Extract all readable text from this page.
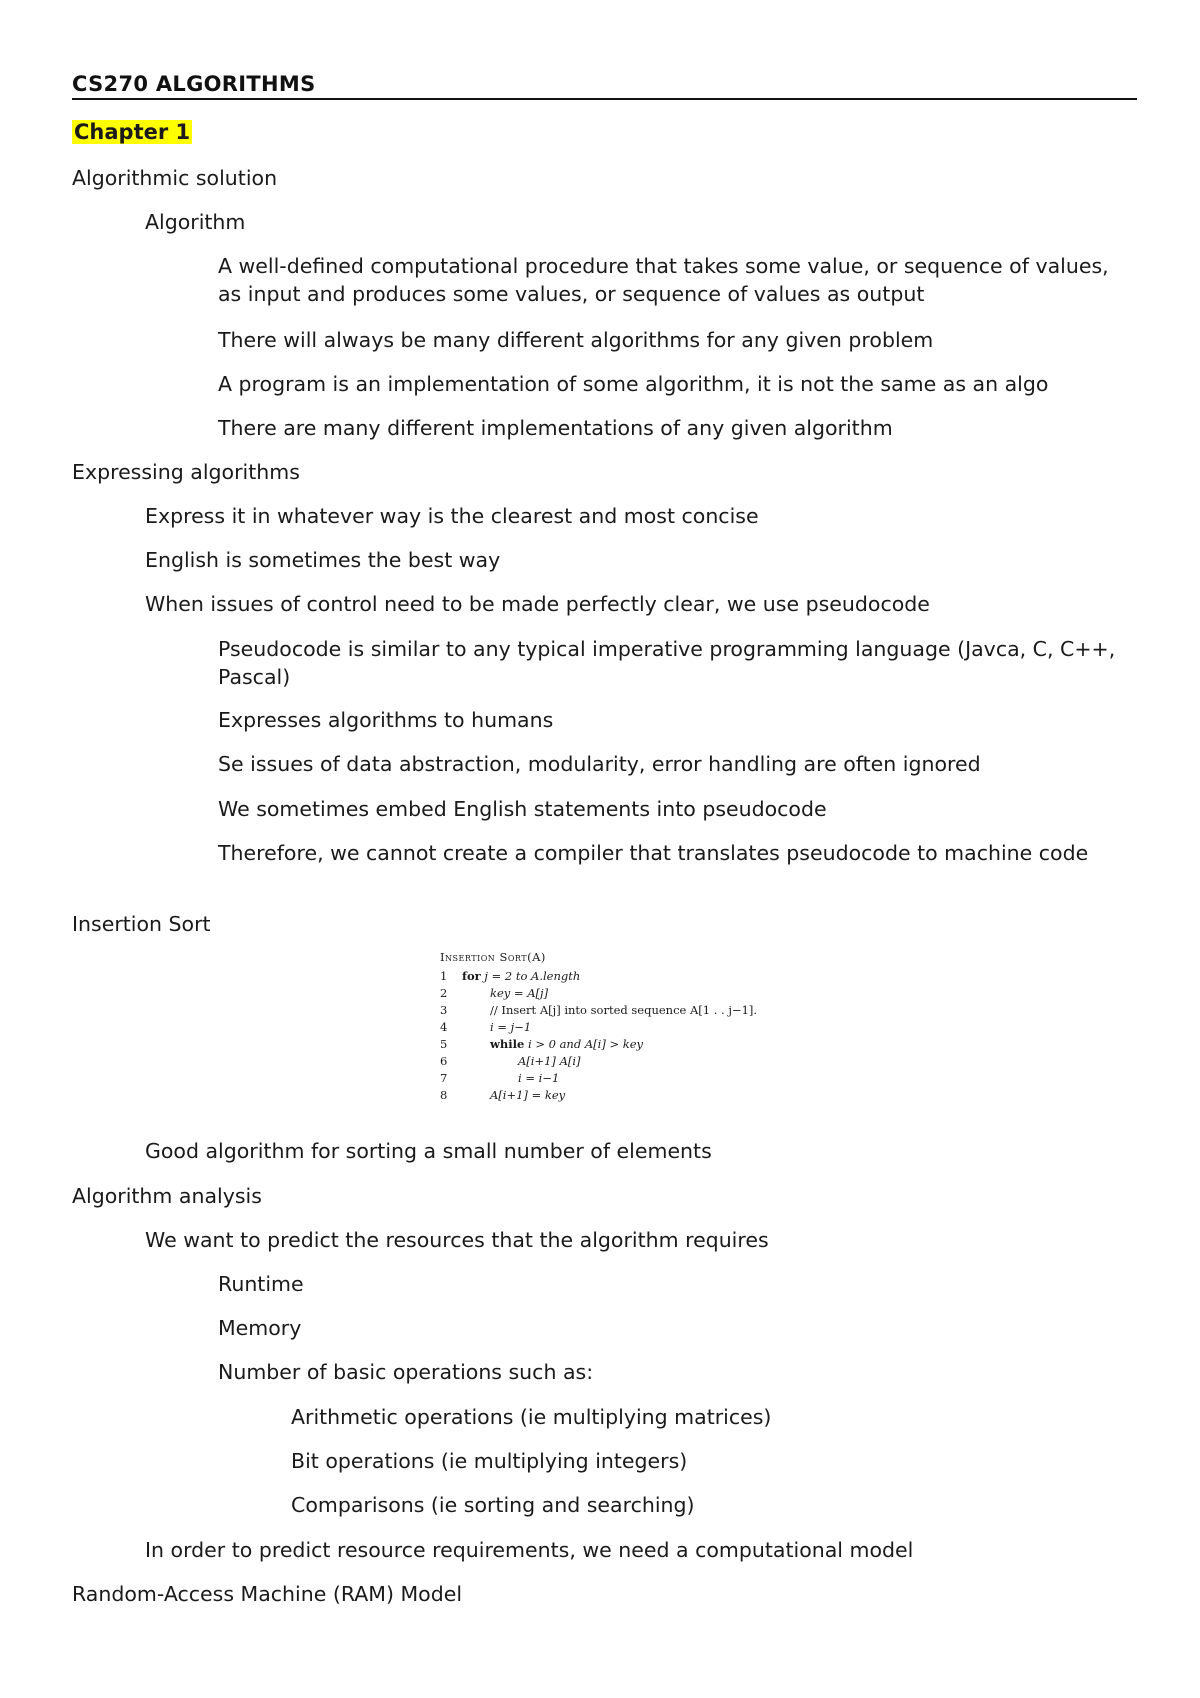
CS270 ALGORITHMS
Chapter 1
Algorithmic solution
Algorithm
A well-defined computational procedure that takes some value, or sequence of values, as input and produces some values, or sequence of values as output
There will always be many different algorithms for any given problem
A program is an implementation of some algorithm, it is not the same as an algo
There are many different implementations of any given algorithm
Expressing algorithms
Express it in whatever way is the clearest and most concise
English is sometimes the best way
When issues of control need to be made perfectly clear, we use pseudocode
Pseudocode is similar to any typical imperative programming language (Javca, C, C++, Pascal)
Expresses algorithms to humans
Se issues of data abstraction, modularity, error handling are often ignored
We sometimes embed English statements into pseudocode
Therefore, we cannot create a compiler that translates pseudocode to machine code
Insertion Sort
Insertion Sort(A)
1 for j = 2 to A.length
2	key = A[j]
3	// Insert A[j] into sorted sequence A[1 . . j−1].
4	i = j−1
5	while i > 0 and A[i] > key
6	A[i+1] A[i]
7	i = i−1
8	A[i+1] = key
Good algorithm for sorting a small number of elements
Algorithm analysis
We want to predict the resources that the algorithm requires
Runtime
Memory
Number of basic operations such as:
Arithmetic operations (ie multiplying matrices)
Bit operations (ie multiplying integers)
Comparisons (ie sorting and searching)
In order to predict resource requirements, we need a computational model
Random-Access Machine (RAM) Model
